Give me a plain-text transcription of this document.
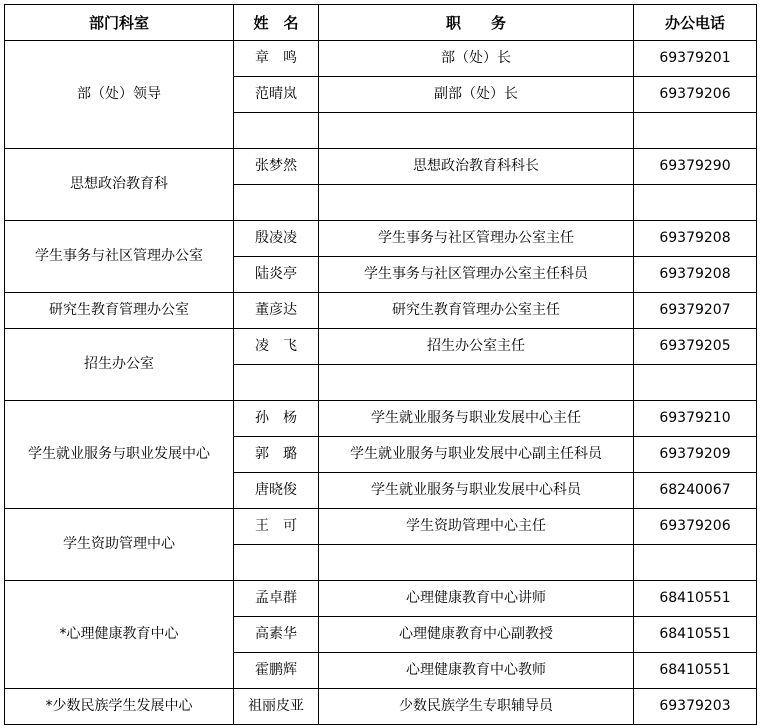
部门科室	姓　名	职　　务	办公电话
部（处）领导	章　鸣	部（处）长	69379201
	范晴岚	副部（处）长	69379206

思想政治教育科	张梦然	思想政治教育科科长	69379290

学生事务与社区管理办公室	殷凌凌	学生事务与社区管理办公室主任	69379208
	陆炎亭	学生事务与社区管理办公室主任科员	69379208
研究生教育管理办公室	董彦达	研究生教育管理办公室主任	69379207
招生办公室	凌　飞	招生办公室主任	69379205

学生就业服务与职业发展中心	孙　杨	学生就业服务与职业发展中心主任	69379210
	郭　璐	学生就业服务与职业发展中心副主任科员	69379209
	唐晓俊	学生就业服务与职业发展中心科员	68240067
学生资助管理中心	王　可	学生资助管理中心主任	69379206

*心理健康教育中心	孟卓群	心理健康教育中心讲师	68410551
	高素华	心理健康教育中心副教授	68410551
	霍鹏辉	心理健康教育中心教师	68410551
*少数民族学生发展中心	祖丽皮亚	少数民族学生专职辅导员	69379203
